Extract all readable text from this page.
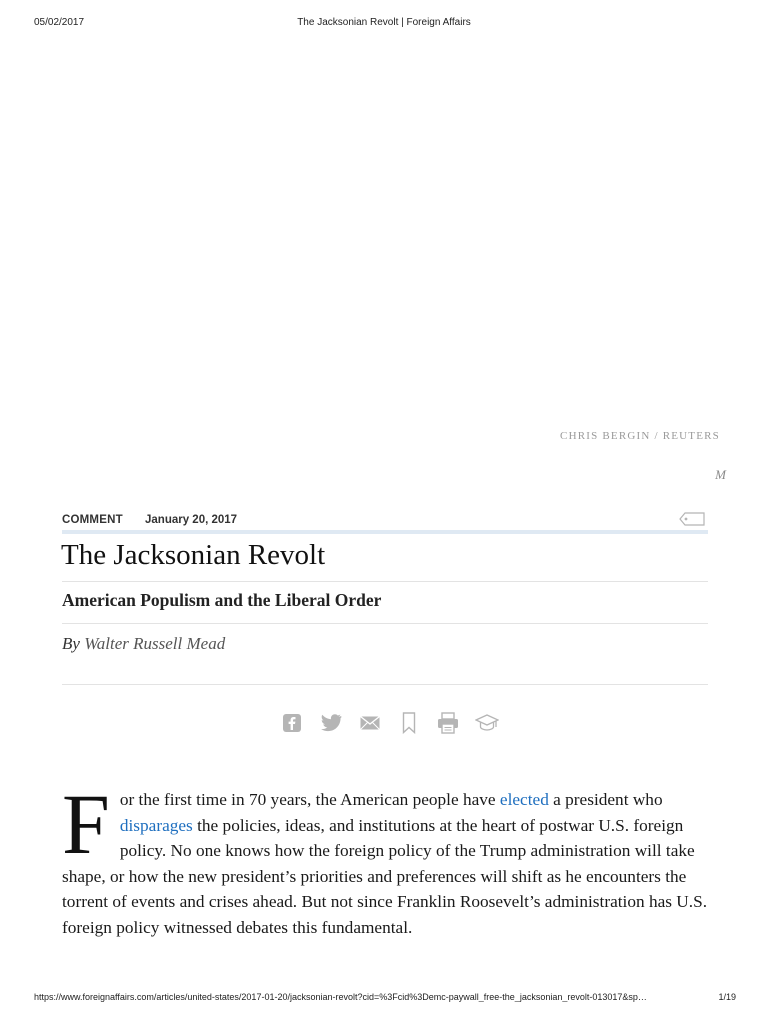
05/02/2017	The Jacksonian Revolt | Foreign Affairs
CHRIS BERGIN / REUTERS
M
COMMENT January 20, 2017
The Jacksonian Revolt
American Populism and the Liberal Order
By Walter Russell Mead

For the first time in 70 years, the American people have elected a president who disparages the policies, ideas, and institutions at the heart of postwar U.S. foreign policy. No one knows how the foreign policy of the Trump administration will take shape, or how the new president’s priorities and preferences will shift as he encounters the torrent of events and crises ahead. But not since Franklin Roosevelt’s administration has U.S. foreign policy witnessed debates this fundamental.

https://www.foreignaffairs.com/articles/united-states/2017-01-20/jacksonian-revolt?cid=%3Fcid%3Demc-paywall_free-the_jacksonian_revolt-013017&sp…	1/19
